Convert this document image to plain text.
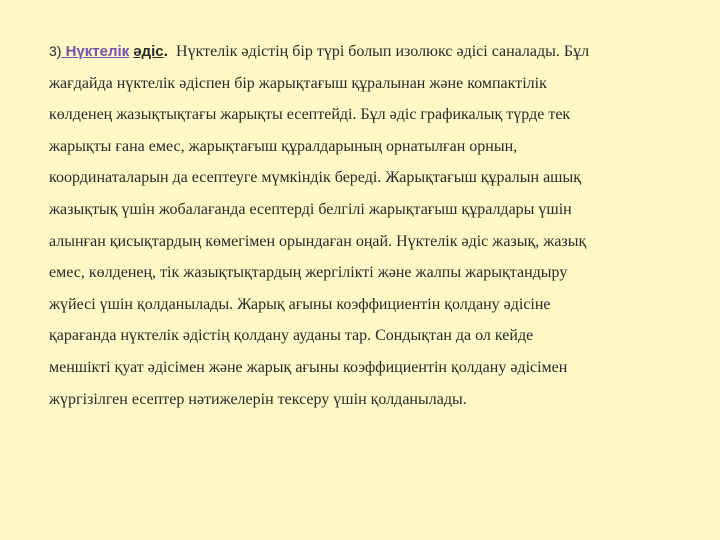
3) Нүктелік әдіс. Нүктелік әдістің бір түрі болып изолюкс әдісі саналады. Бұл
жағдайда нүктелік әдіспен бір жарықтағыш құралынан және компактілік
көлденең жазықтықтағы жарықты есептейді. Бұл әдіс графикалық түрде тек
жарықты ғана емес, жарықтағыш құралдарының орнатылған орнын,
координаталарын да есептеуге мүмкіндік береді. Жарықтағыш құралын ашық
жазықтық үшін жобалағанда есептерді белгілі жарықтағыш құралдары үшін
алынған қисықтардың көмегімен орындаған оңай. Нүктелік әдіс жазық, жазық
емес, көлденең, тік жазықтықтардың жергілікті және жалпы жарықтандыру
жүйесі үшін қолданылады. Жарық ағыны коэффициентін қолдану әдісіне
қарағанда нүктелік әдістің қолдану ауданы тар. Сондықтан да ол кейде
меншікті қуат әдісімен және жарық ағыны коэффициентін қолдану әдісімен
жүргізілген есептер нәтижелерін тексеру үшін қолданылады.
